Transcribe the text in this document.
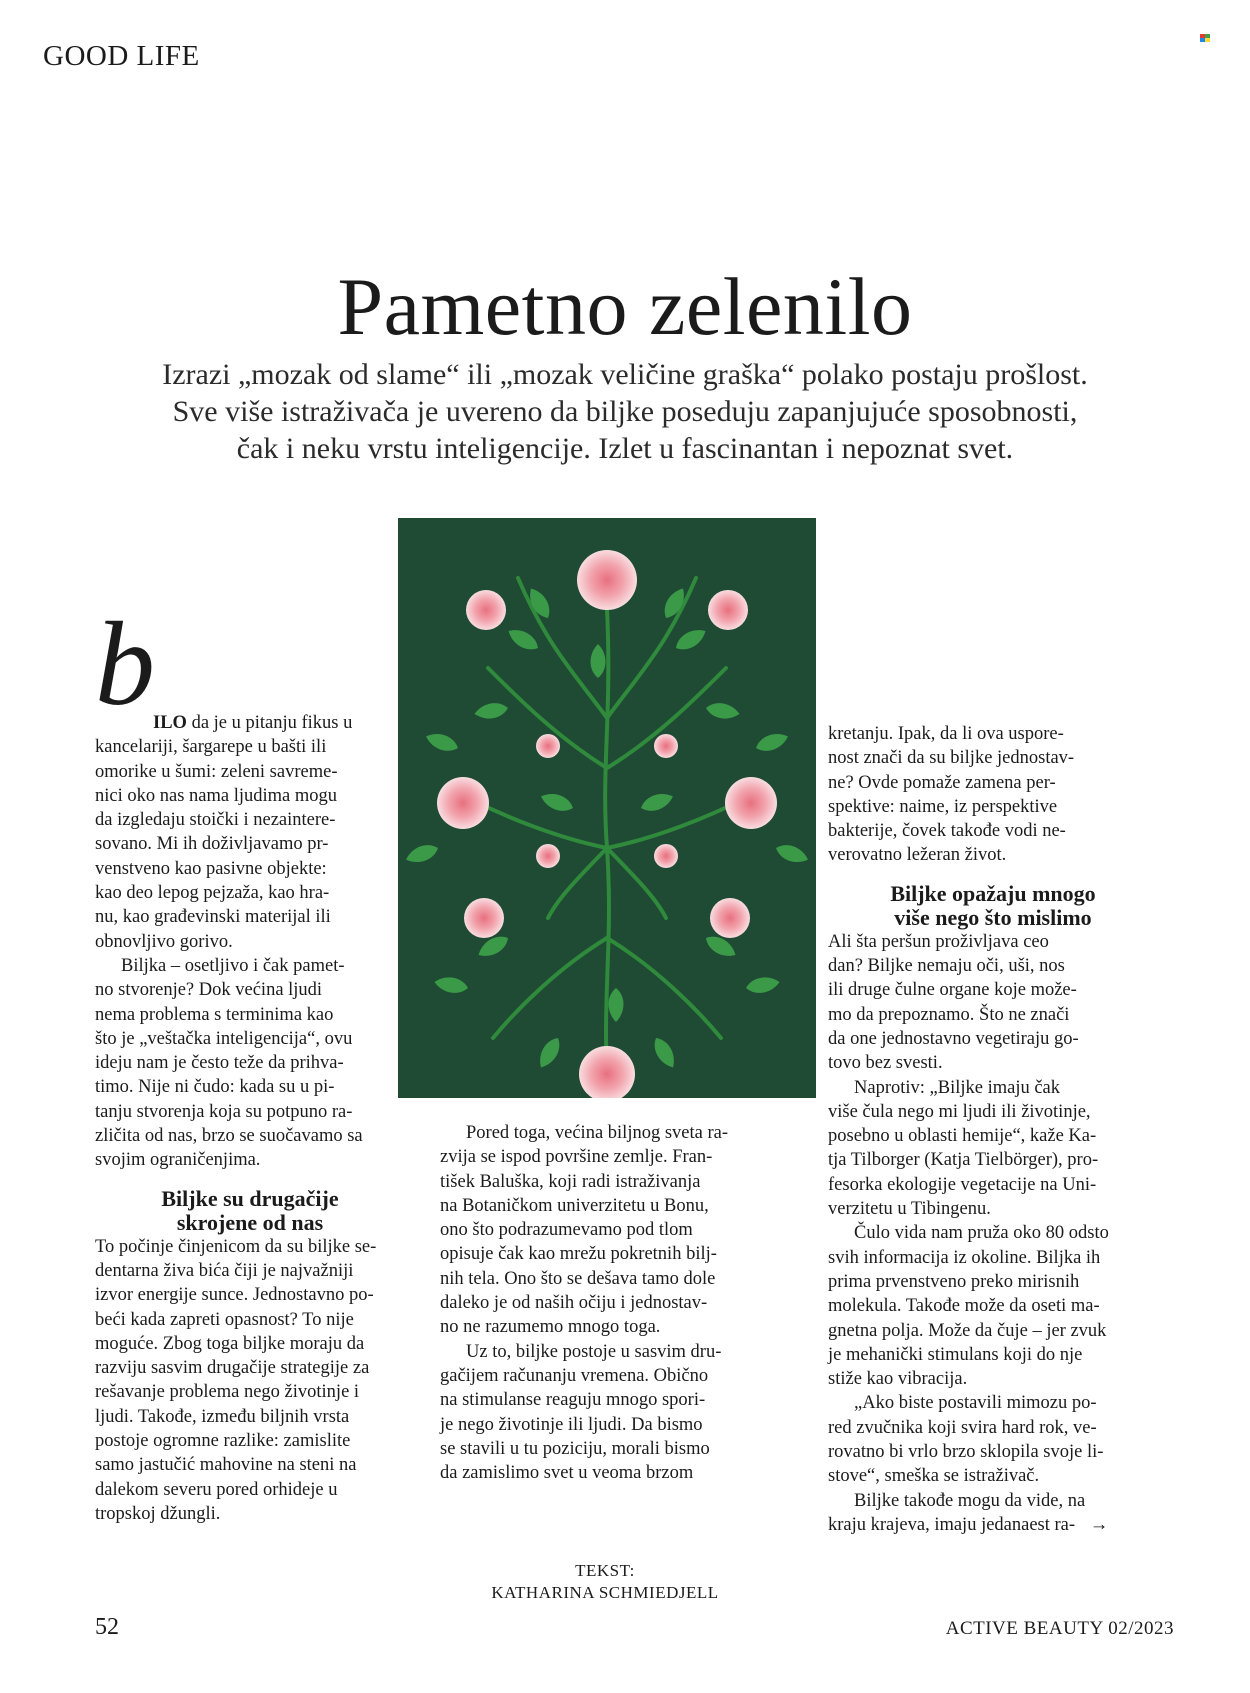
GOOD LIFE
Pametno zelenilo
Izrazi „mozak od slame“ ili „mozak veličine graška“ polako postaju prošlost.
Sve više istraživača je uvereno da biljke poseduju zapanjujuće sposobnosti,
čak i neku vrstu inteligencije. Izlet u fascinantan i nepoznat svet.
b

ILO da je u pitanju fikus u

kancelariji, šargarepe u bašti ili

omorike u šumi: zeleni savreme-

nici oko nas nama ljudima mogu

da izgledaju stoički i nezaintere-

sovano. Mi ih doživljavamo pr-

venstveno kao pasivne objekte:

kao deo lepog pejzaža, kao hra-

nu, kao građevinski materijal ili

obnovljivo gorivo.

Biljka – osetljivo i čak pamet-

no stvorenje? Dok većina ljudi

nema problema s terminima kao

što je „veštačka inteligencija“, ovu

ideju nam je često teže da prihva-

timo. Nije ni čudo: kada su u pi-

tanju stvorenja koja su potpuno ra-

zličita od nas, brzo se suočavamo sa

svojim ograničenjima.

Biljke su drugačije
skrojene od nas

To počinje činjenicom da su biljke se-

dentarna živa bića čiji je najvažniji

izvor energije sunce. Jednostavno po-

beći kada zapreti opasnost? To nije

moguće. Zbog toga biljke moraju da

razviju sasvim drugačije strategije za

rešavanje problema nego životinje i

ljudi. Takođe, između biljnih vrsta

postoje ogromne razlike: zamislite

samo jastučić mahovine na steni na

dalekom severu pored orhideje u

tropskoj džungli.

Pored toga, većina biljnog sveta ra-

zvija se ispod površine zemlje. Fran-

tišek Baluška, koji radi istraživanja

na Botaničkom univerzitetu u Bonu,

ono što podrazumevamo pod tlom

opisuje čak kao mrežu pokretnih bilj-

nih tela. Ono što se dešava tamo dole

daleko je od naših očiju i jednostav-

no ne razumemo mnogo toga.

Uz to, biljke postoje u sasvim dru-

gačijem računanju vremena. Obično

na stimulanse reaguju mnogo spori-

je nego životinje ili ljudi. Da bismo

se stavili u tu poziciju, morali bismo

da zamislimo svet u veoma brzom

TEKST:
KATHARINA SCHMIEDJELL

kretanju. Ipak, da li ova uspore-

nost znači da su biljke jednostav-

ne? Ovde pomaže zamena per-

spektive: naime, iz perspektive

bakterije, čovek takođe vodi ne-

verovatno ležeran život.

Biljke opažaju mnogo
više nego što mislimo

Ali šta peršun proživljava ceo

dan? Biljke nemaju oči, uši, nos

ili druge čulne organe koje može-

mo da prepoznamo. Što ne znači

da one jednostavno vegetiraju go-

tovo bez svesti.

Naprotiv: „Biljke imaju čak

više čula nego mi ljudi ili životinje,

posebno u oblasti hemije“, kaže Ka-

tja Tilborger (Katja Tielbörger), pro-

fesorka ekologije vegetacije na Uni-

verzitetu u Tibingenu.

Čulo vida nam pruža oko 80 odsto

svih informacija iz okoline. Biljka ih

prima prvenstveno preko mirisnih

molekula. Takođe može da oseti ma-

gnetna polja. Može da čuje – jer zvuk

je mehanički stimulans koji do nje

stiže kao vibracija.

„Ako biste postavili mimozu po-

red zvučnika koji svira hard rok, ve-

rovatno bi vrlo brzo sklopila svoje li-

stove“, smeška se istraživač.

Biljke takođe mogu da vide, na

kraju krajeva, imaju jedanaest ra- →

52	ACTIVE BEAUTY 02/2023
